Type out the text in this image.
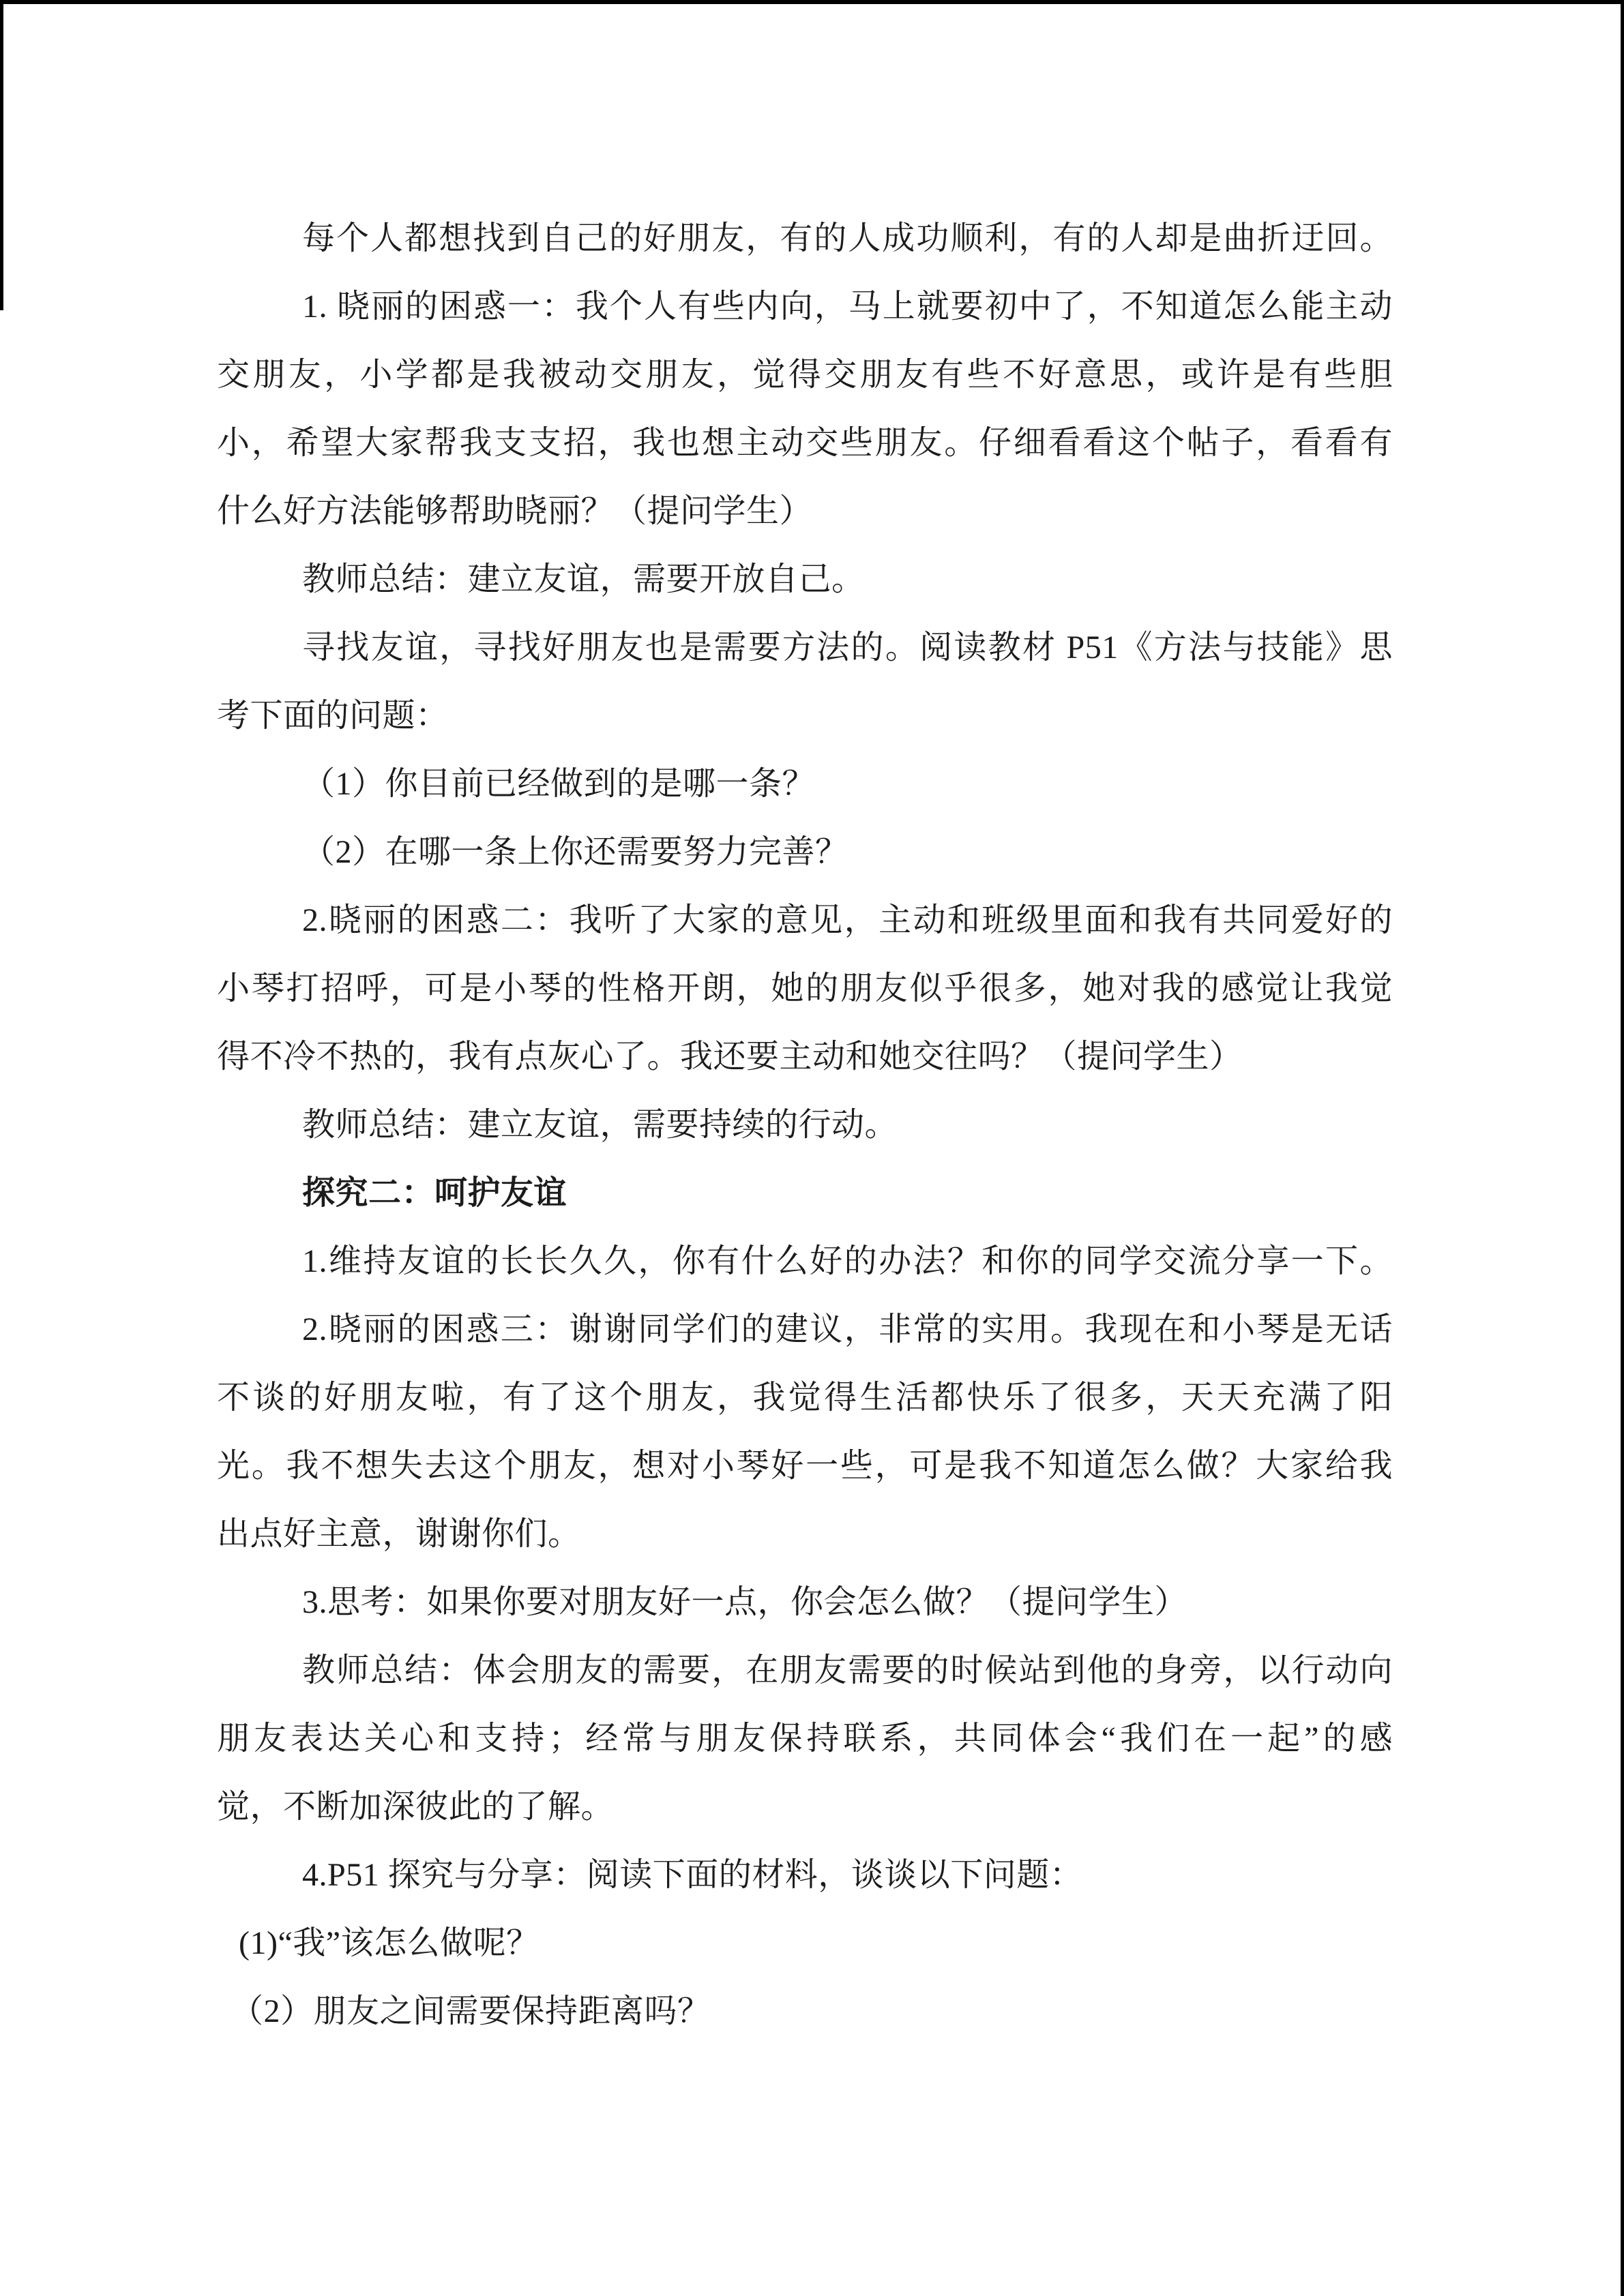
每个人都想找到自己的好朋友，有的人成功顺利，有的人却是曲折迂回。
1. 晓丽的困惑一：我个人有些内向，马上就要初中了，不知道怎么能主动
交朋友，小学都是我被动交朋友，觉得交朋友有些不好意思，或许是有些胆
小，希望大家帮我支支招，我也想主动交些朋友。仔细看看这个帖子，看看有
什么好方法能够帮助晓丽？（提问学生）
教师总结：建立友谊，需要开放自己。
寻找友谊，寻找好朋友也是需要方法的。阅读教材 P51《方法与技能》思
考下面的问题：
（1）你目前已经做到的是哪一条？
（2）在哪一条上你还需要努力完善？
2.晓丽的困惑二：我听了大家的意见，主动和班级里面和我有共同爱好的
小琴打招呼，可是小琴的性格开朗，她的朋友似乎很多，她对我的感觉让我觉
得不冷不热的，我有点灰心了。我还要主动和她交往吗？（提问学生）
教师总结：建立友谊，需要持续的行动。
探究二：呵护友谊
1.维持友谊的长长久久，你有什么好的办法？和你的同学交流分享一下。
2.晓丽的困惑三：谢谢同学们的建议，非常的实用。我现在和小琴是无话
不谈的好朋友啦，有了这个朋友，我觉得生活都快乐了很多，天天充满了阳
光。我不想失去这个朋友，想对小琴好一些，可是我不知道怎么做？大家给我
出点好主意，谢谢你们。
3.思考：如果你要对朋友好一点，你会怎么做？（提问学生）
教师总结：体会朋友的需要，在朋友需要的时候站到他的身旁，以行动向
朋友表达关心和支持；经常与朋友保持联系，共同体会“我们在一起”的感
觉，不断加深彼此的了解。
4.P51 探究与分享：阅读下面的材料，谈谈以下问题：
(1)“我”该怎么做呢？
（2）朋友之间需要保持距离吗？
